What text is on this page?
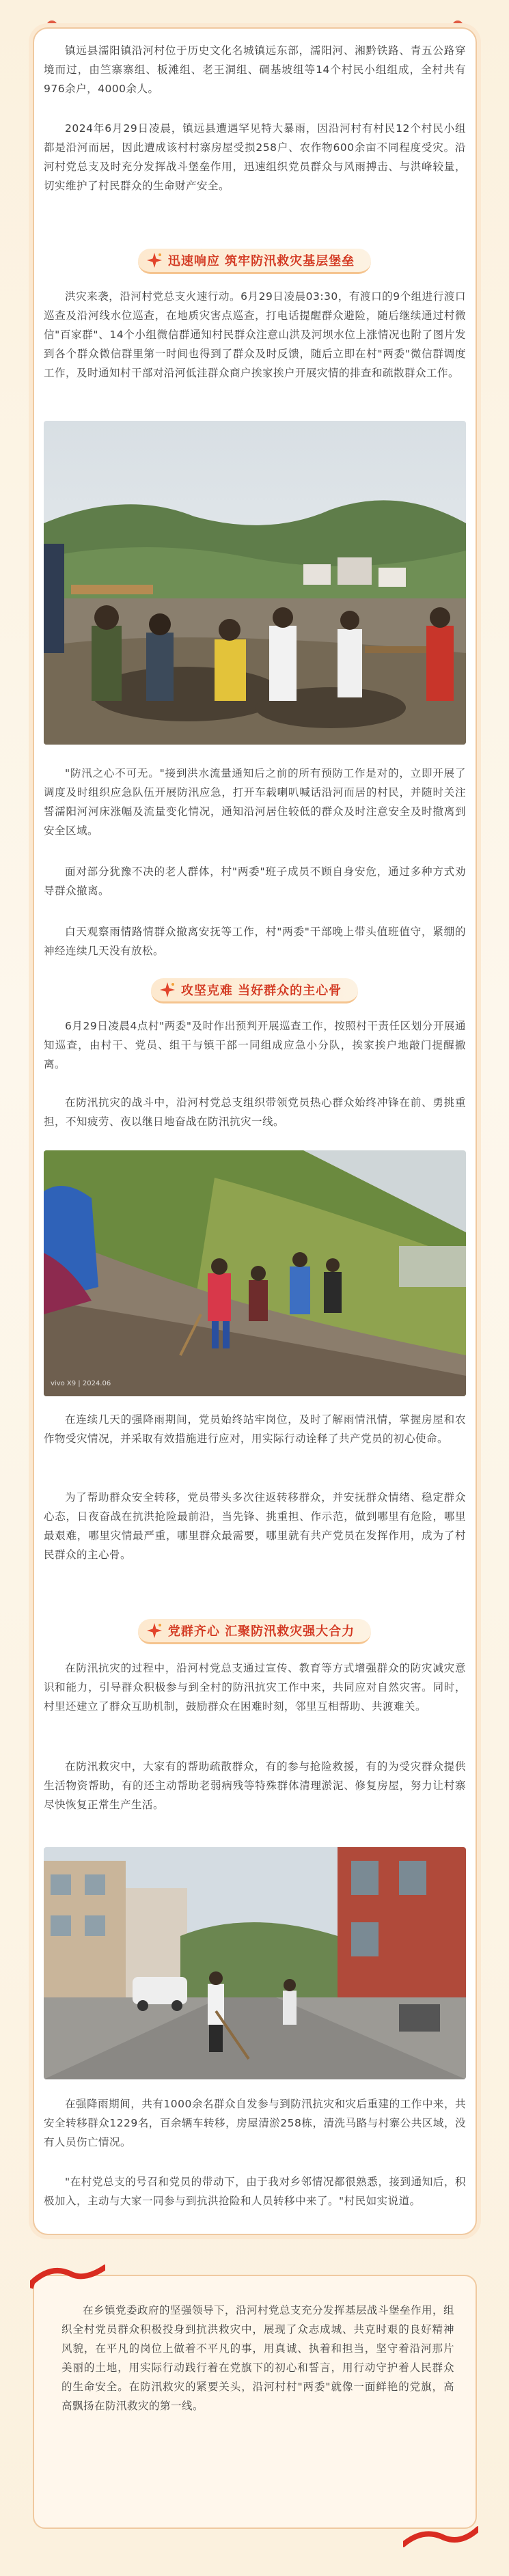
镇远县濡阳镇沿河村位于历史文化名城镇远东部，濡阳河、湘黔铁路、青五公路穿境而过，由竺寨寨组、板滩组、老王洞组、碉基坡组等14个村民小组组成，全村共有976余户，4000余人。
2024年6月29日凌晨，镇远县遭遇罕见特大暴雨，因沿河村有村民12个村民小组都是沿河而居，因此遭成该村村寨房屋受损258户、农作物600余亩不同程度受灾。沿河村党总支及时充分发挥战斗堡垒作用，迅速组织党员群众与风雨搏击、与洪峰较量，切实维护了村民群众的生命财产安全。
迅速响应 筑牢防汛救灾基层堡垒
洪灾来袭，沿河村党总支火速行动。6月29日凌晨03:30，有渡口的9个组进行渡口巡查及沿河线水位巡查，在地质灾害点巡查，打电话提醒群众避险，随后继续通过村微信"百家群"、14个小组微信群通知村民群众注意山洪及河坝水位上涨情况也附了图片发到各个群众微信群里第一时间也得到了群众及时反馈，随后立即在村"两委"微信群调度工作，及时通知村干部对沿河低洼群众商户挨家挨户开展灾情的排查和疏散群众工作。
"防汛之心不可无。"接到洪水流量通知后之前的所有预防工作是对的，立即开展了调度及时组织应急队伍开展防汛应急，打开车载喇叭喊话沿河而居的村民，并随时关注誓濡阳河河床涨幅及流量变化情况，通知沿河居住较低的群众及时注意安全及时撤离到安全区域。
面对部分犹豫不决的老人群体，村"两委"班子成员不顾自身安危，通过多种方式劝导群众撤离。
白天观察雨情路情群众撤离安抚等工作，村"两委"干部晚上带头值班值守，紧绷的神经连续几天没有放松。
攻坚克难 当好群众的主心骨
6月29日凌晨4点村"两委"及时作出预判开展巡查工作，按照村干责任区划分开展通知巡查，由村干、党员、组干与镇干部一同组成应急小分队，挨家挨户地敲门提醒撤离。
在防汛抗灾的战斗中，沿河村党总支组织带领党员热心群众始终冲锋在前、勇挑重担，不知疲劳、夜以继日地奋战在防汛抗灾一线。
vivo X9 | 2024.06
在连续几天的强降雨期间，党员始终站牢岗位，及时了解雨情汛情，掌握房屋和农作物受灾情况，并采取有效措施进行应对，用实际行动诠释了共产党员的初心使命。
为了帮助群众安全转移，党员带头多次往返转移群众，并安抚群众情绪、稳定群众心态，日夜奋战在抗洪抢险最前沿，当先锋、挑重担、作示范，做到哪里有危险，哪里最艰难，哪里灾情最严重，哪里群众最需要，哪里就有共产党员在发挥作用，成为了村民群众的主心骨。
党群齐心 汇聚防汛救灾强大合力
在防汛抗灾的过程中，沿河村党总支通过宣传、教育等方式增强群众的防灾减灾意识和能力，引导群众积极参与到全村的防汛抗灾工作中来，共同应对自然灾害。同时，村里还建立了群众互助机制，鼓励群众在困难时刻，邻里互相帮助、共渡难关。
在防汛救灾中，大家有的帮助疏散群众，有的参与抢险救援，有的为受灾群众提供生活物资帮助，有的还主动帮助老弱病残等特殊群体清理淤泥、修复房屋，努力让村寨尽快恢复正常生产生活。
在强降雨期间，共有1000余名群众自发参与到防汛抗灾和灾后重建的工作中来，共安全转移群众1229名，百余辆车转移，房屋清淤258栋，清洗马路与村寨公共区域，没有人员伤亡情况。
"在村党总支的号召和党员的带动下，由于我对乡邻情况都很熟悉，接到通知后，积极加入，主动与大家一同参与到抗洪抢险和人员转移中来了。"村民如实说道。
在乡镇党委政府的坚强领导下，沿河村党总支充分发挥基层战斗堡垒作用，组织全村党员群众积极投身到抗洪救灾中，展现了众志成城、共克时艰的良好精神风貌，在平凡的岗位上做着不平凡的事，用真诚、执着和担当，坚守着沿河那片美丽的土地，用实际行动践行着在党旗下的初心和誓言，用行动守护着人民群众的生命安全。在防汛救灾的紧要关头，沿河村村"两委"就像一面鲜艳的党旗，高高飘扬在防汛救灾的第一线。
